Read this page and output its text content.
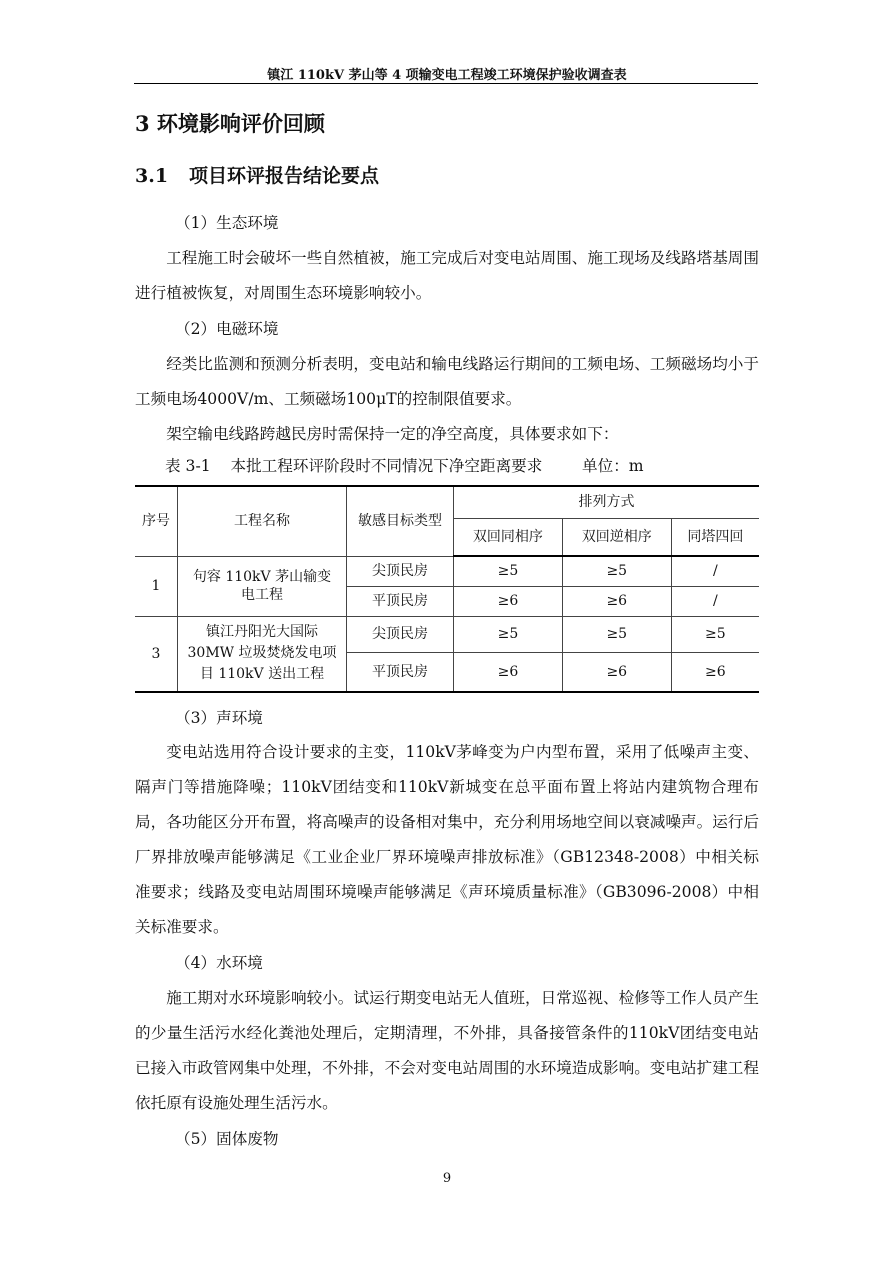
镇江 110kV 茅山等 4 项输变电工程竣工环境保护验收调查表
3 环境影响评价回顾
3.1 项目环评报告结论要点
（1）生态环境
工程施工时会破坏一些自然植被，施工完成后对变电站周围、施工现场及线路塔基周围进行植被恢复，对周围生态环境影响较小。
（2）电磁环境
经类比监测和预测分析表明，变电站和输电线路运行期间的工频电场、工频磁场均小于工频电场4000V/m、工频磁场100μT的控制限值要求。
架空输电线路跨越民房时需保持一定的净空高度，具体要求如下：
表 3-1    本批工程环评阶段时不同情况下净空距离要求        单位：m
序号	工程名称	敏感目标类型	排列方式		
			双回同相序	双回逆相序	同塔四回
1	句容 110kV 茅山输变电工程	尖顶民房	≥5	≥5	/
		平顶民房	≥6	≥6	/
3	镇江丹阳光大国际30MW 垃圾焚烧发电项目 110kV 送出工程	尖顶民房	≥5	≥5	≥5
		平顶民房	≥6	≥6	≥6
（3）声环境
变电站选用符合设计要求的主变，110kV茅峰变为户内型布置，采用了低噪声主变、隔声门等措施降噪；110kV团结变和110kV新城变在总平面布置上将站内建筑物合理布局，各功能区分开布置，将高噪声的设备相对集中，充分利用场地空间以衰减噪声。运行后厂界排放噪声能够满足《工业企业厂界环境噪声排放标准》（GB12348-2008）中相关标准要求；线路及变电站周围环境噪声能够满足《声环境质量标准》（GB3096-2008）中相关标准要求。
（4）水环境
施工期对水环境影响较小。试运行期变电站无人值班，日常巡视、检修等工作人员产生的少量生活污水经化粪池处理后，定期清理，不外排，具备接管条件的110kV团结变电站已接入市政管网集中处理，不外排，不会对变电站周围的水环境造成影响。变电站扩建工程依托原有设施处理生活污水。
（5）固体废物
9
